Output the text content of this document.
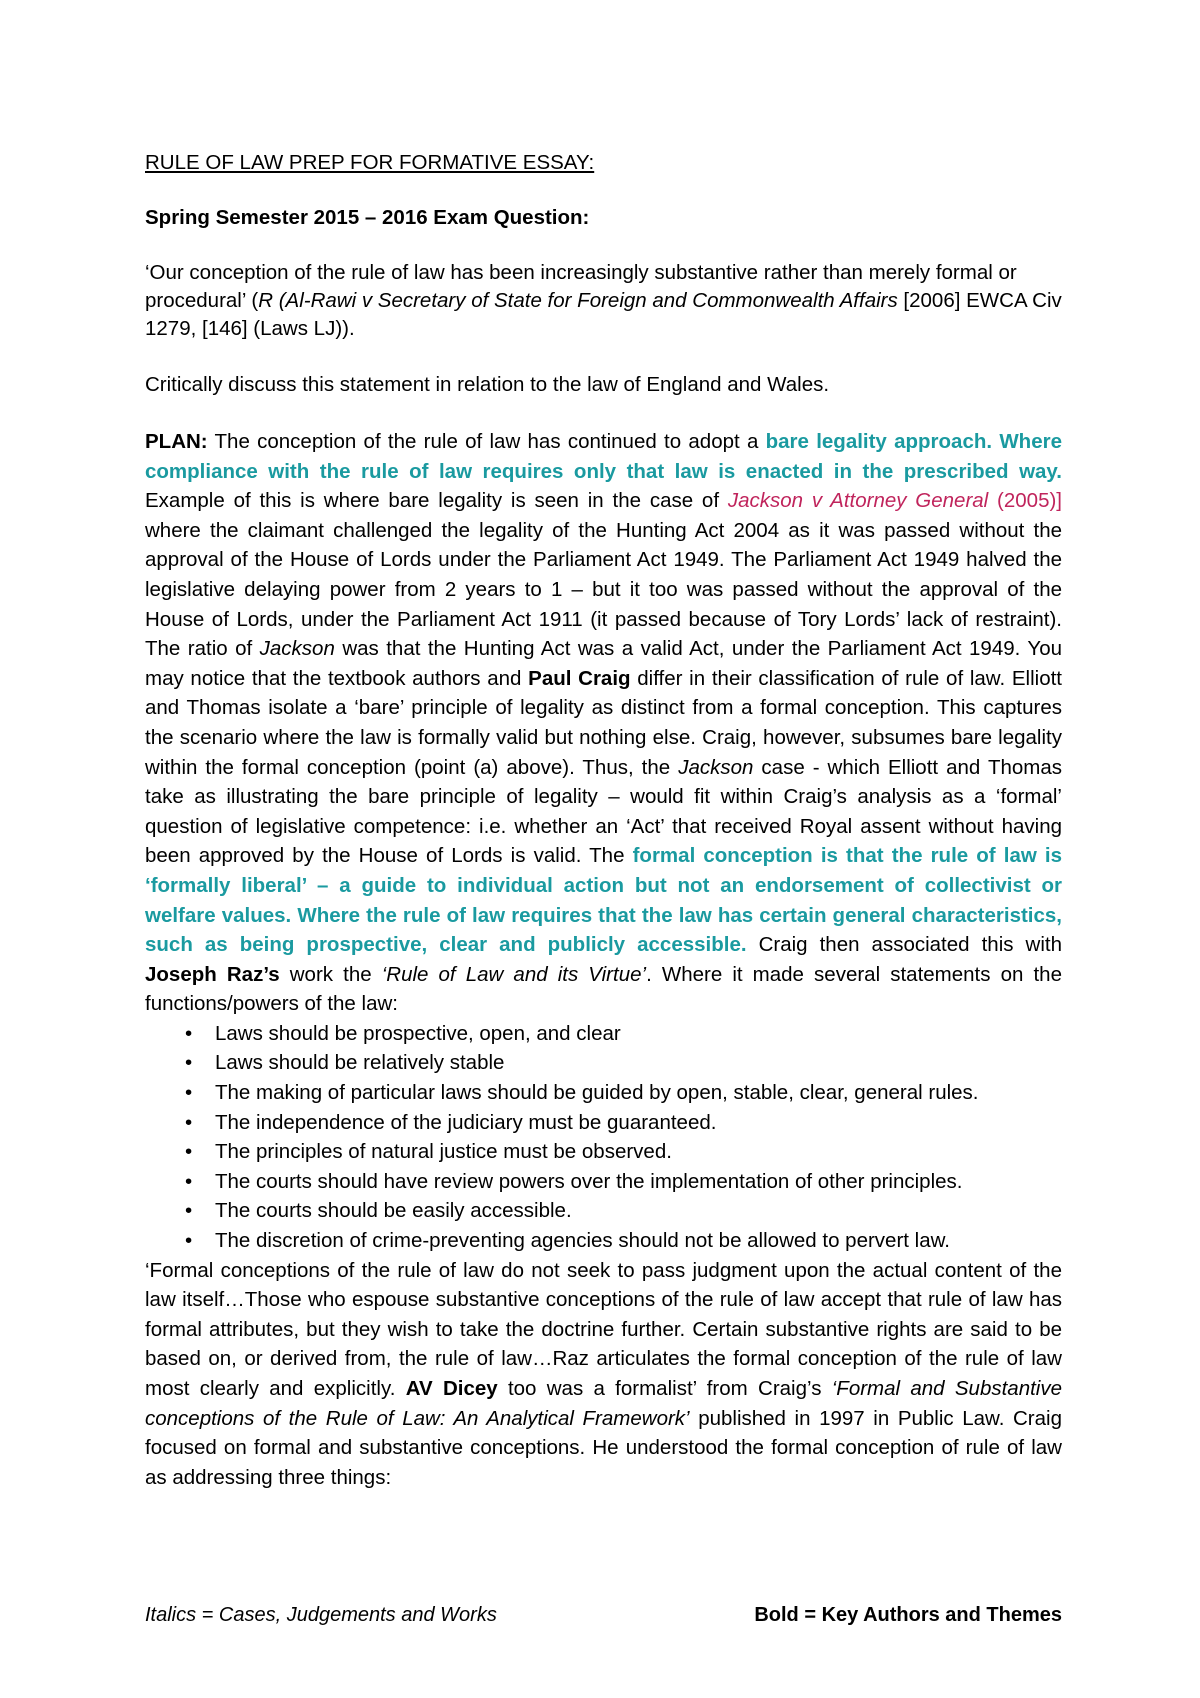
RULE OF LAW PREP FOR FORMATIVE ESSAY:

Spring Semester 2015 – 2016 Exam Question:

‘Our conception of the rule of law has been increasingly substantive rather than merely formal or procedural’ (R (Al-Rawi v Secretary of State for Foreign and Commonwealth Affairs [2006] EWCA Civ 1279, [146] (Laws LJ)).

Critically discuss this statement in relation to the law of England and Wales.

PLAN: The conception of the rule of law has continued to adopt a bare legality approach. Where compliance with the rule of law requires only that law is enacted in the prescribed way. Example of this is where bare legality is seen in the case of Jackson v Attorney General (2005)] where the claimant challenged the legality of the Hunting Act 2004 as it was passed without the approval of the House of Lords under the Parliament Act 1949. The Parliament Act 1949 halved the legislative delaying power from 2 years to 1 – but it too was passed without the approval of the House of Lords, under the Parliament Act 1911 (it passed because of Tory Lords’ lack of restraint). The ratio of Jackson was that the Hunting Act was a valid Act, under the Parliament Act 1949. You may notice that the textbook authors and Paul Craig differ in their classification of rule of law. Elliott and Thomas isolate a ‘bare’ principle of legality as distinct from a formal conception. This captures the scenario where the law is formally valid but nothing else. Craig, however, subsumes bare legality within the formal conception (point (a) above). Thus, the Jackson case - which Elliott and Thomas take as illustrating the bare principle of legality – would fit within Craig’s analysis as a ‘formal’ question of legislative competence: i.e. whether an ‘Act’ that received Royal assent without having been approved by the House of Lords is valid. The formal conception is that the rule of law is ‘formally liberal’ – a guide to individual action but not an endorsement of collectivist or welfare values. Where the rule of law requires that the law has certain general characteristics, such as being prospective, clear and publicly accessible. Craig then associated this with Joseph Raz’s work the ‘Rule of Law and its Virtue’. Where it made several statements on the functions/powers of the law:

• Laws should be prospective, open, and clear
• Laws should be relatively stable
• The making of particular laws should be guided by open, stable, clear, general rules.
• The independence of the judiciary must be guaranteed.
• The principles of natural justice must be observed.
• The courts should have review powers over the implementation of other principles.
• The courts should be easily accessible.
• The discretion of crime-preventing agencies should not be allowed to pervert law.

‘Formal conceptions of the rule of law do not seek to pass judgment upon the actual content of the law itself…Those who espouse substantive conceptions of the rule of law accept that rule of law has formal attributes, but they wish to take the doctrine further. Certain substantive rights are said to be based on, or derived from, the rule of law…Raz articulates the formal conception of the rule of law most clearly and explicitly. AV Dicey too was a formalist’ from Craig’s ‘Formal and Substantive conceptions of the Rule of Law: An Analytical Framework’ published in 1997 in Public Law. Craig focused on formal and substantive conceptions. He understood the formal conception of rule of law as addressing three things:

Italics = Cases, Judgements and Works	Bold = Key Authors and Themes
